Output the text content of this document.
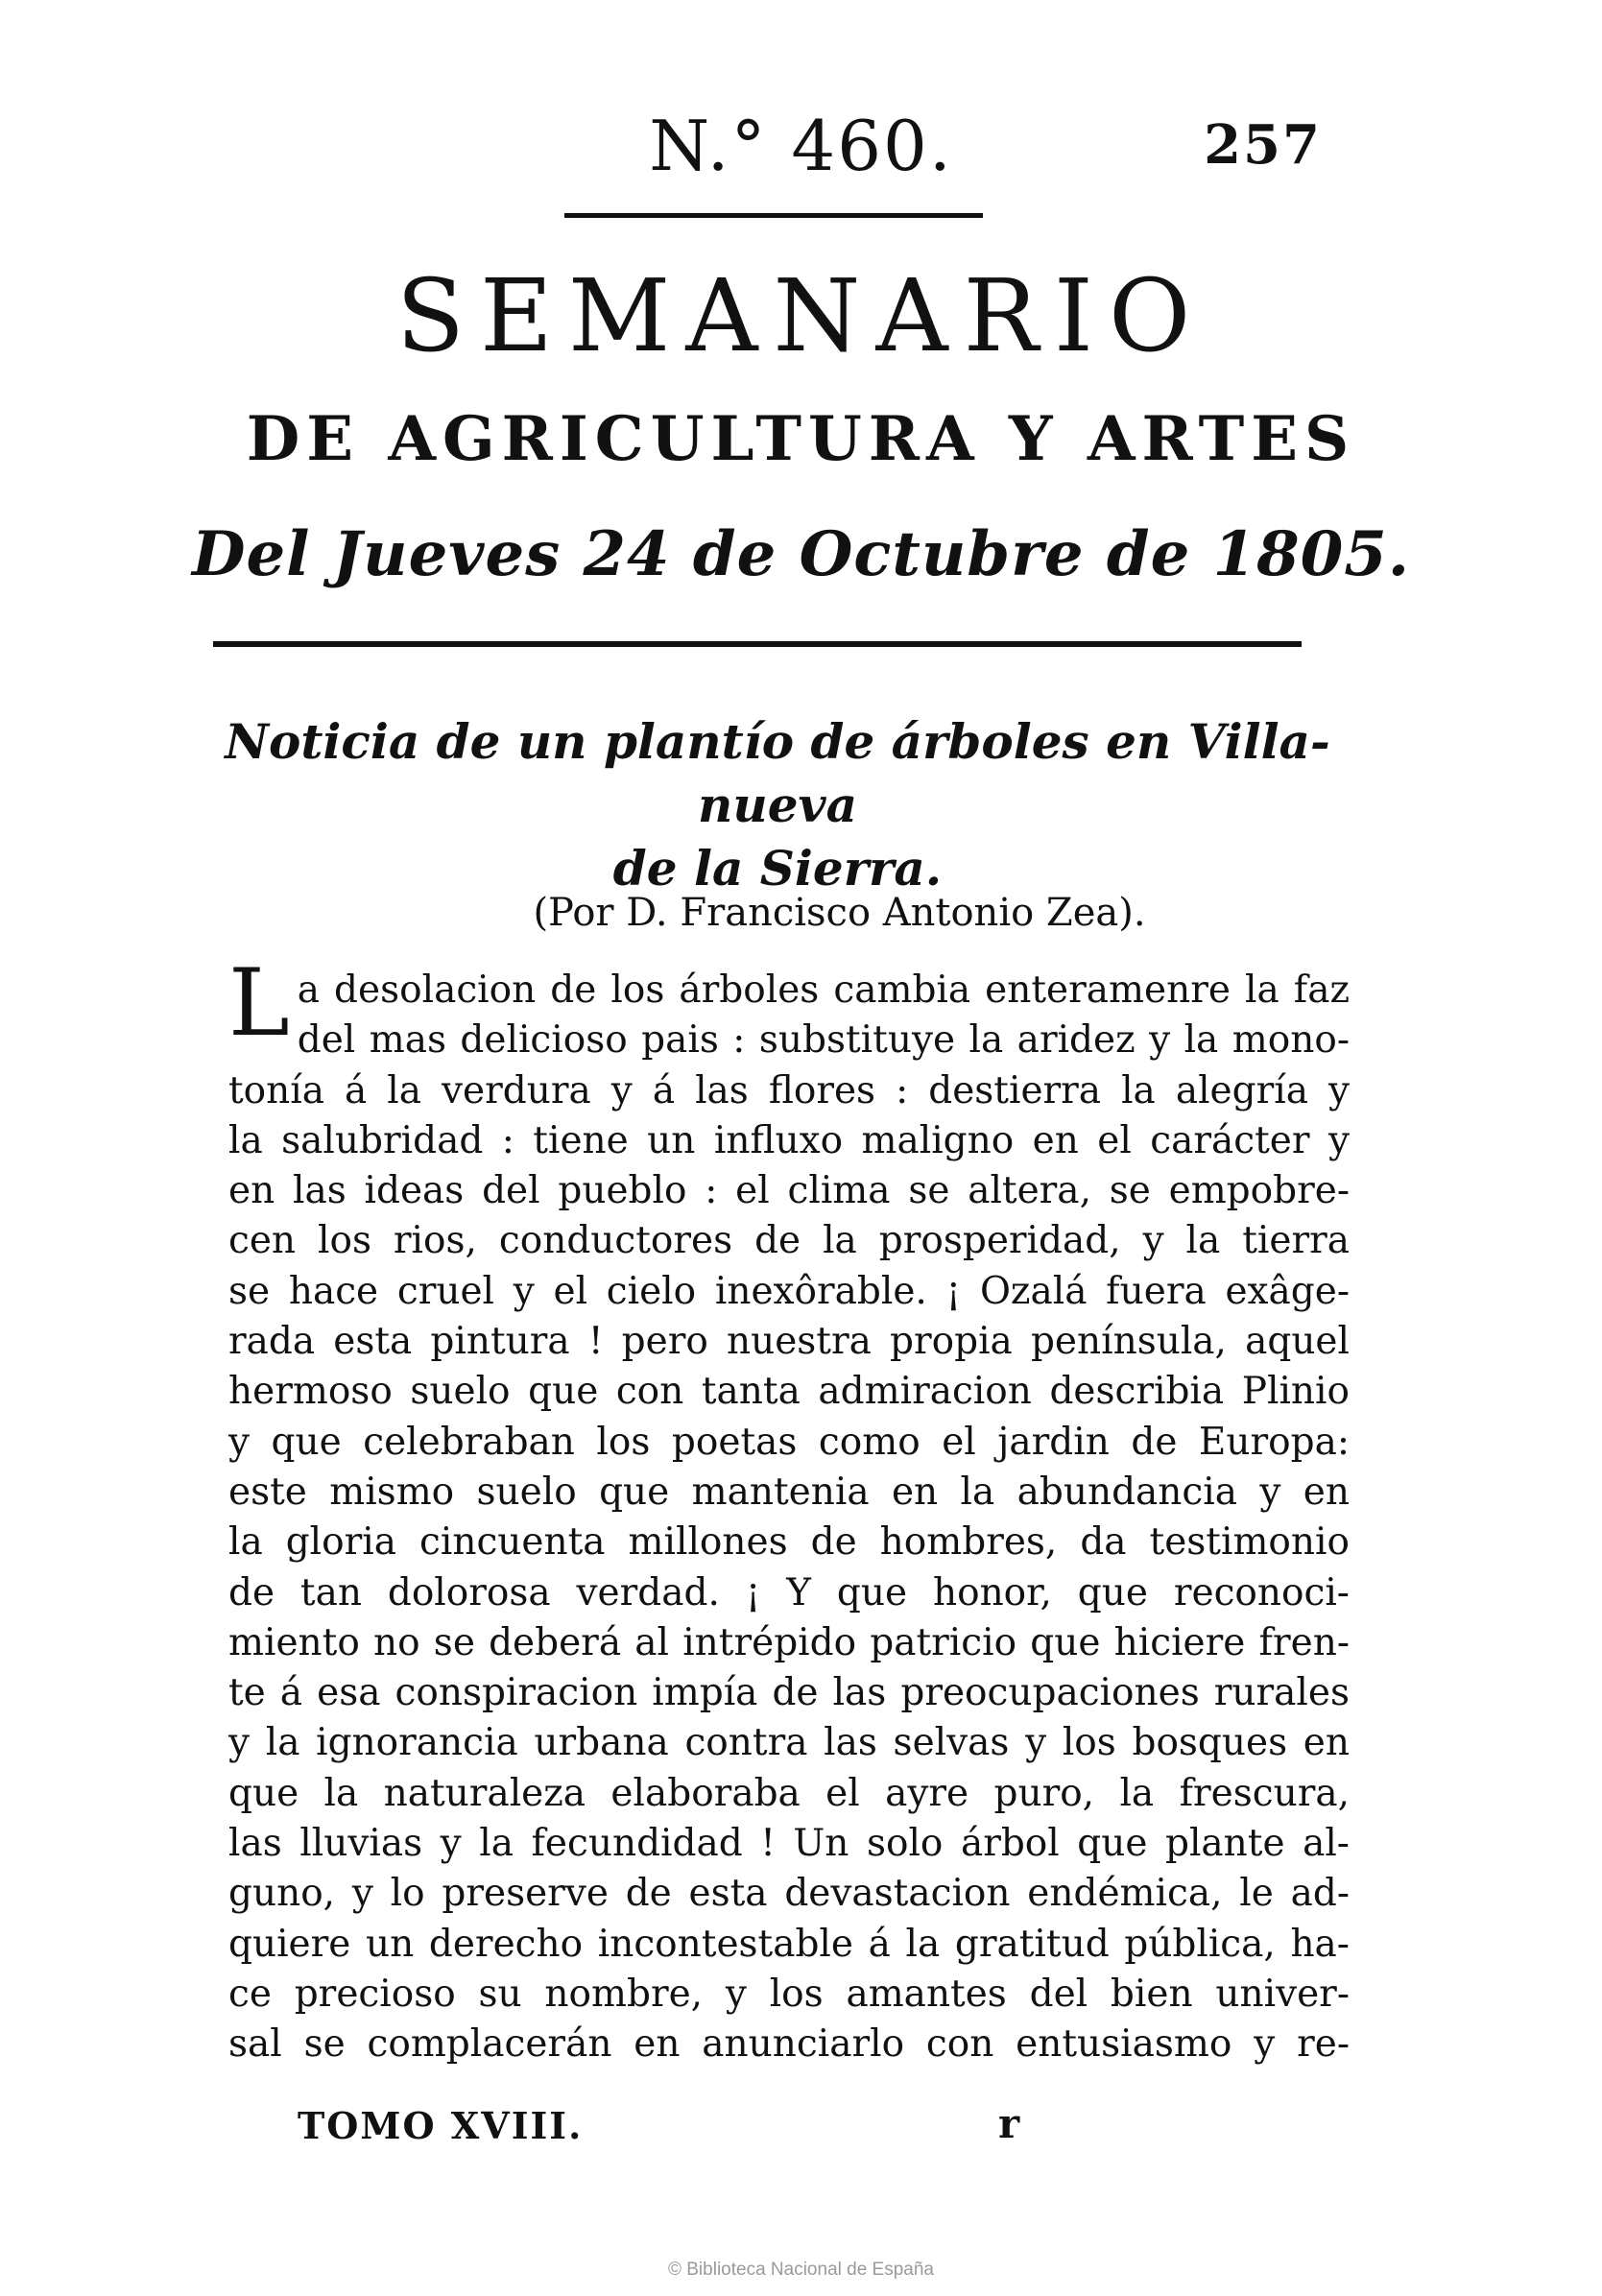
N.° 460.	257
SEMANARIO
DE AGRICULTURA Y ARTES
Del Jueves 24 de Octubre de 1805.
Noticia de un plantío de árboles en Villa-nueva
de la Sierra.
(Por D. Francisco Antonio Zea).
L a desolacion de los árboles cambia enteramenre la faz
del mas delicioso pais : substituye la aridez y la mono-
tonía á la verdura y á las flores : destierra la alegría y
la salubridad : tiene un influxo maligno en el carácter y
en las ideas del pueblo : el clima se altera, se empobre-
cen los rios, conductores de la prosperidad, y la tierra
se hace cruel y el cielo inexôrable. ¡ Ozalá fuera exâge-
rada esta pintura ! pero nuestra propia península, aquel
hermoso suelo que con tanta admiracion describia Plinio
y que celebraban los poetas como el jardin de Europa:
este mismo suelo que mantenia en la abundancia y en
la gloria cincuenta millones de hombres, da testimonio
de tan dolorosa verdad. ¡ Y que honor, que reconoci-
miento no se deberá al intrépido patricio que hiciere fren-
te á esa conspiracion impía de las preocupaciones rurales
y la ignorancia urbana contra las selvas y los bosques en
que la naturaleza elaboraba el ayre puro, la frescura,
las lluvias y la fecundidad ! Un solo árbol que plante al-
guno, y lo preserve de esta devastacion endémica, le ad-
quiere un derecho incontestable á la gratitud pública, ha-
ce precioso su nombre, y los amantes del bien univer-
sal se complacerán en anunciarlo con entusiasmo y re-
TOMO XVIII.	r
© Biblioteca Nacional de España
